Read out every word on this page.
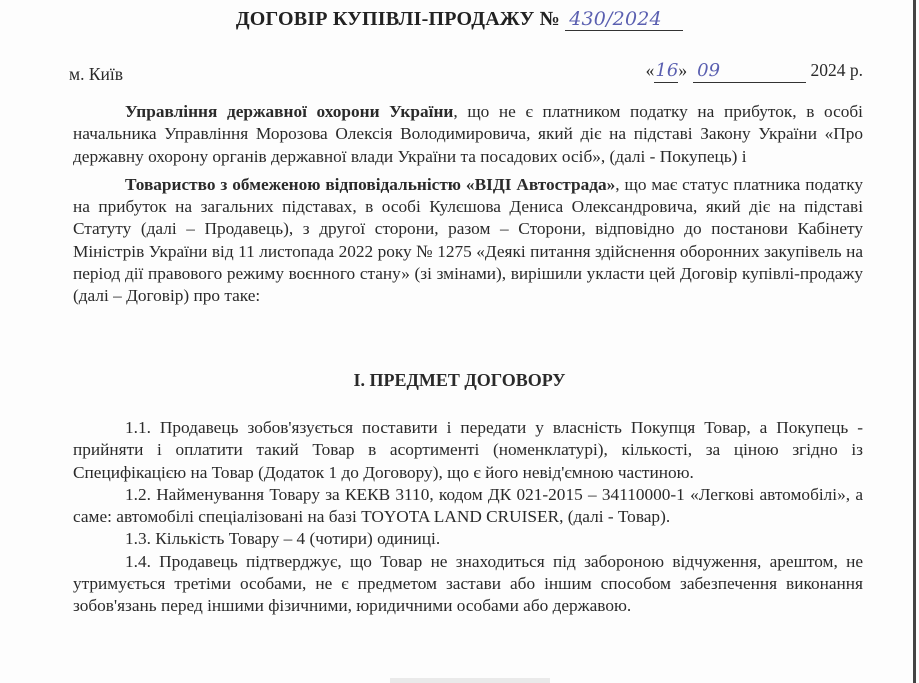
ДОГОВІР КУПІВЛІ-ПРОДАЖУ № 430/2024
м. Київ	«16» 09	2024 р.

Управління державної охорони України, що не є платником податку на прибуток, в особі начальника Управління Морозова Олексія Володимировича, який діє на підставі Закону України «Про державну охорону органів державної влади України та посадових осіб», (далі - Покупець) і

Товариство з обмеженою відповідальністю «ВІДІ Автострада», що має статус платника податку на прибуток на загальних підставах, в особі Кулєшова Дениса Олександровича, який діє на підставі Статуту (далі – Продавець), з другої сторони, разом – Сторони, відповідно до постанови Кабінету Міністрів України від 11 листопада 2022 року № 1275 «Деякі питання здійснення оборонних закупівель на період дії правового режиму воєнного стану» (зі змінами), вирішили укласти цей Договір купівлі-продажу (далі – Договір) про таке:

І. ПРЕДМЕТ ДОГОВОРУ

1.1. Продавець зобов'язується поставити і передати у власність Покупця Товар, а Покупець - прийняти і оплатити такий Товар в асортименті (номенклатурі), кількості, за ціною згідно із Специфікацією на Товар (Додаток 1 до Договору), що є його невід'ємною частиною.

1.2. Найменування Товару за КЕКВ 3110, кодом ДК 021-2015 – 34110000-1 «Легкові автомобілі», а саме: автомобілі спеціалізовані на базі TOYOTA LAND CRUISER, (далі - Товар).

1.3. Кількість Товару – 4 (чотири) одиниці.

1.4. Продавець підтверджує, що Товар не знаходиться під забороною відчуження, арештом, не утримується третіми особами, не є предметом застави або іншим способом забезпечення виконання зобов'язань перед іншими фізичними, юридичними особами або державою.
